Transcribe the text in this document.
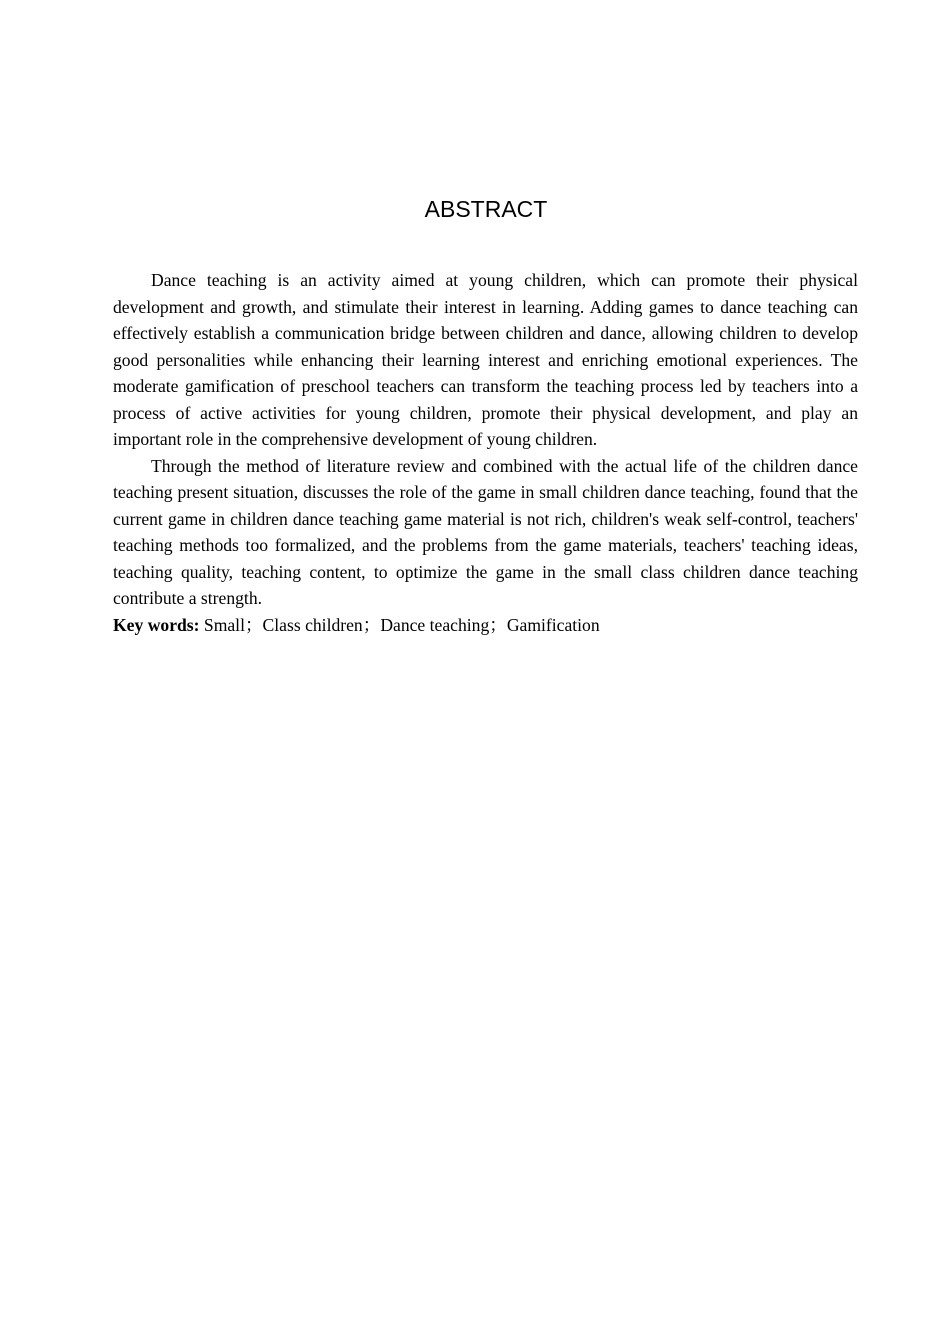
ABSTRACT

Dance teaching is an activity aimed at young children, which can promote their physical development and growth, and stimulate their interest in learning. Adding games to dance teaching can effectively establish a communication bridge between children and dance, allowing children to develop good personalities while enhancing their learning interest and enriching emotional experiences. The moderate gamification of preschool teachers can transform the teaching process led by teachers into a process of active activities for young children, promote their physical development, and play an important role in the comprehensive development of young children.

Through the method of literature review and combined with the actual life of the children dance teaching present situation, discusses the role of the game in small children dance teaching, found that the current game in children dance teaching game material is not rich, children's weak self-control, teachers' teaching methods too formalized, and the problems from the game materials, teachers' teaching ideas, teaching quality, teaching content, to optimize the game in the small class children dance teaching contribute a strength.

Key words: Small；Class children；Dance teaching；Gamification
